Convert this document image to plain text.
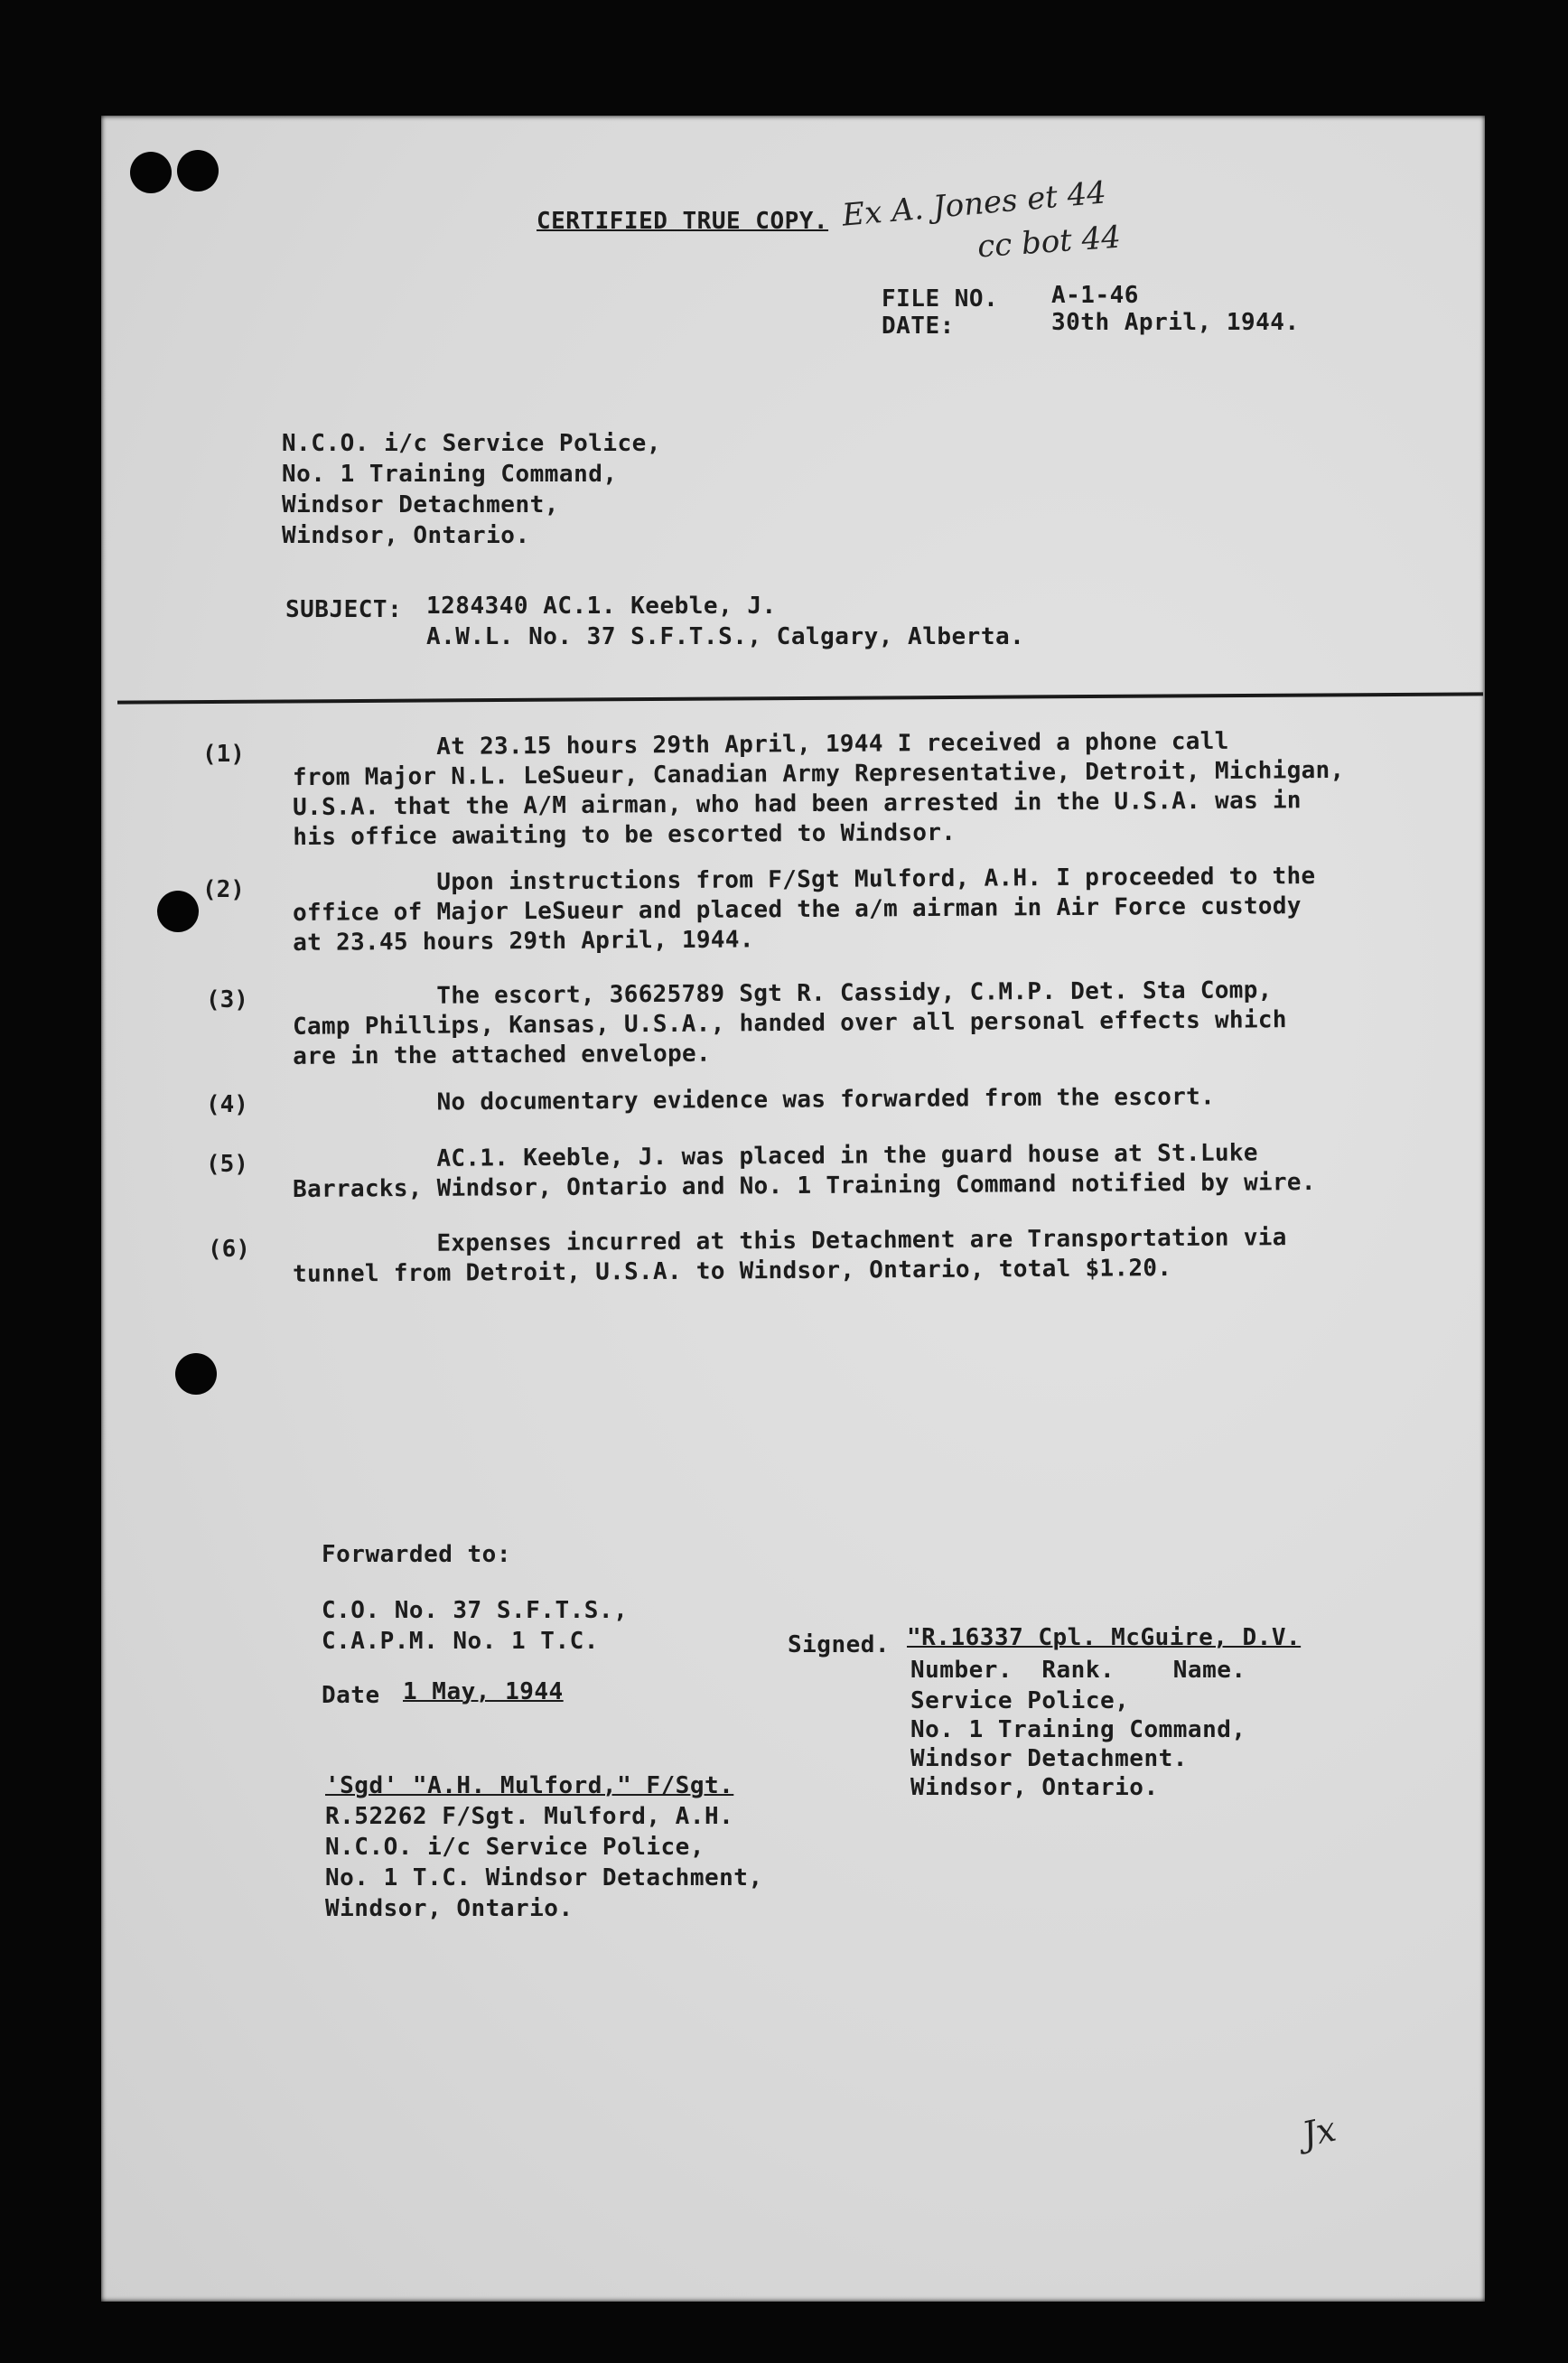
CERTIFIED TRUE COPY. Ex A. Jones et 44
cc bot 44
FILE NO. A-1-46
DATE:	30th April, 1944.
N.C.O. i/c Service Police,
No. 1 Training Command,
Windsor Detachment,
Windsor, Ontario.
SUBJECT: 1284340 AC.1. Keeble, J.
A.W.L. No. 37 S.F.T.S., Calgary, Alberta.
(1) At 23.15 hours 29th April, 1944 I received a phone call
from Major N.L. LeSueur, Canadian Army Representative, Detroit, Michigan,
U.S.A. that the A/M airman, who had been arrested in the U.S.A. was in
his office awaiting to be escorted to Windsor.
(2) Upon instructions from F/Sgt Mulford, A.H. I proceeded to the
office of Major LeSueur and placed the a/m airman in Air Force custody
at 23.45 hours 29th April, 1944.
(3) The escort, 36625789 Sgt R. Cassidy, C.M.P. Det. Sta Comp,
Camp Phillips, Kansas, U.S.A., handed over all personal effects which
are in the attached envelope.
(4) No documentary evidence was forwarded from the escort.
(5) AC.1. Keeble, J. was placed in the guard house at St.Luke
Barracks, Windsor, Ontario and No. 1 Training Command notified by wire.
(6) Expenses incurred at this Detachment are Transportation via
tunnel from Detroit, U.S.A. to Windsor, Ontario, total $1.20.
Forwarded to:
C.O. No. 37 S.F.T.S.,
C.A.P.M. No. 1 T.C.
Date 1 May, 1944
Signed. "R.16337 Cpl. McGuire, D.V.
Number.  Rank.    Name.
Service Police,
No. 1 Training Command,
Windsor Detachment.
Windsor, Ontario.
'Sgd' "A.H. Mulford," F/Sgt.
R.52262 F/Sgt. Mulford, A.H.
N.C.O. i/c Service Police,
No. 1 T.C. Windsor Detachment,
Windsor, Ontario.
Jx
